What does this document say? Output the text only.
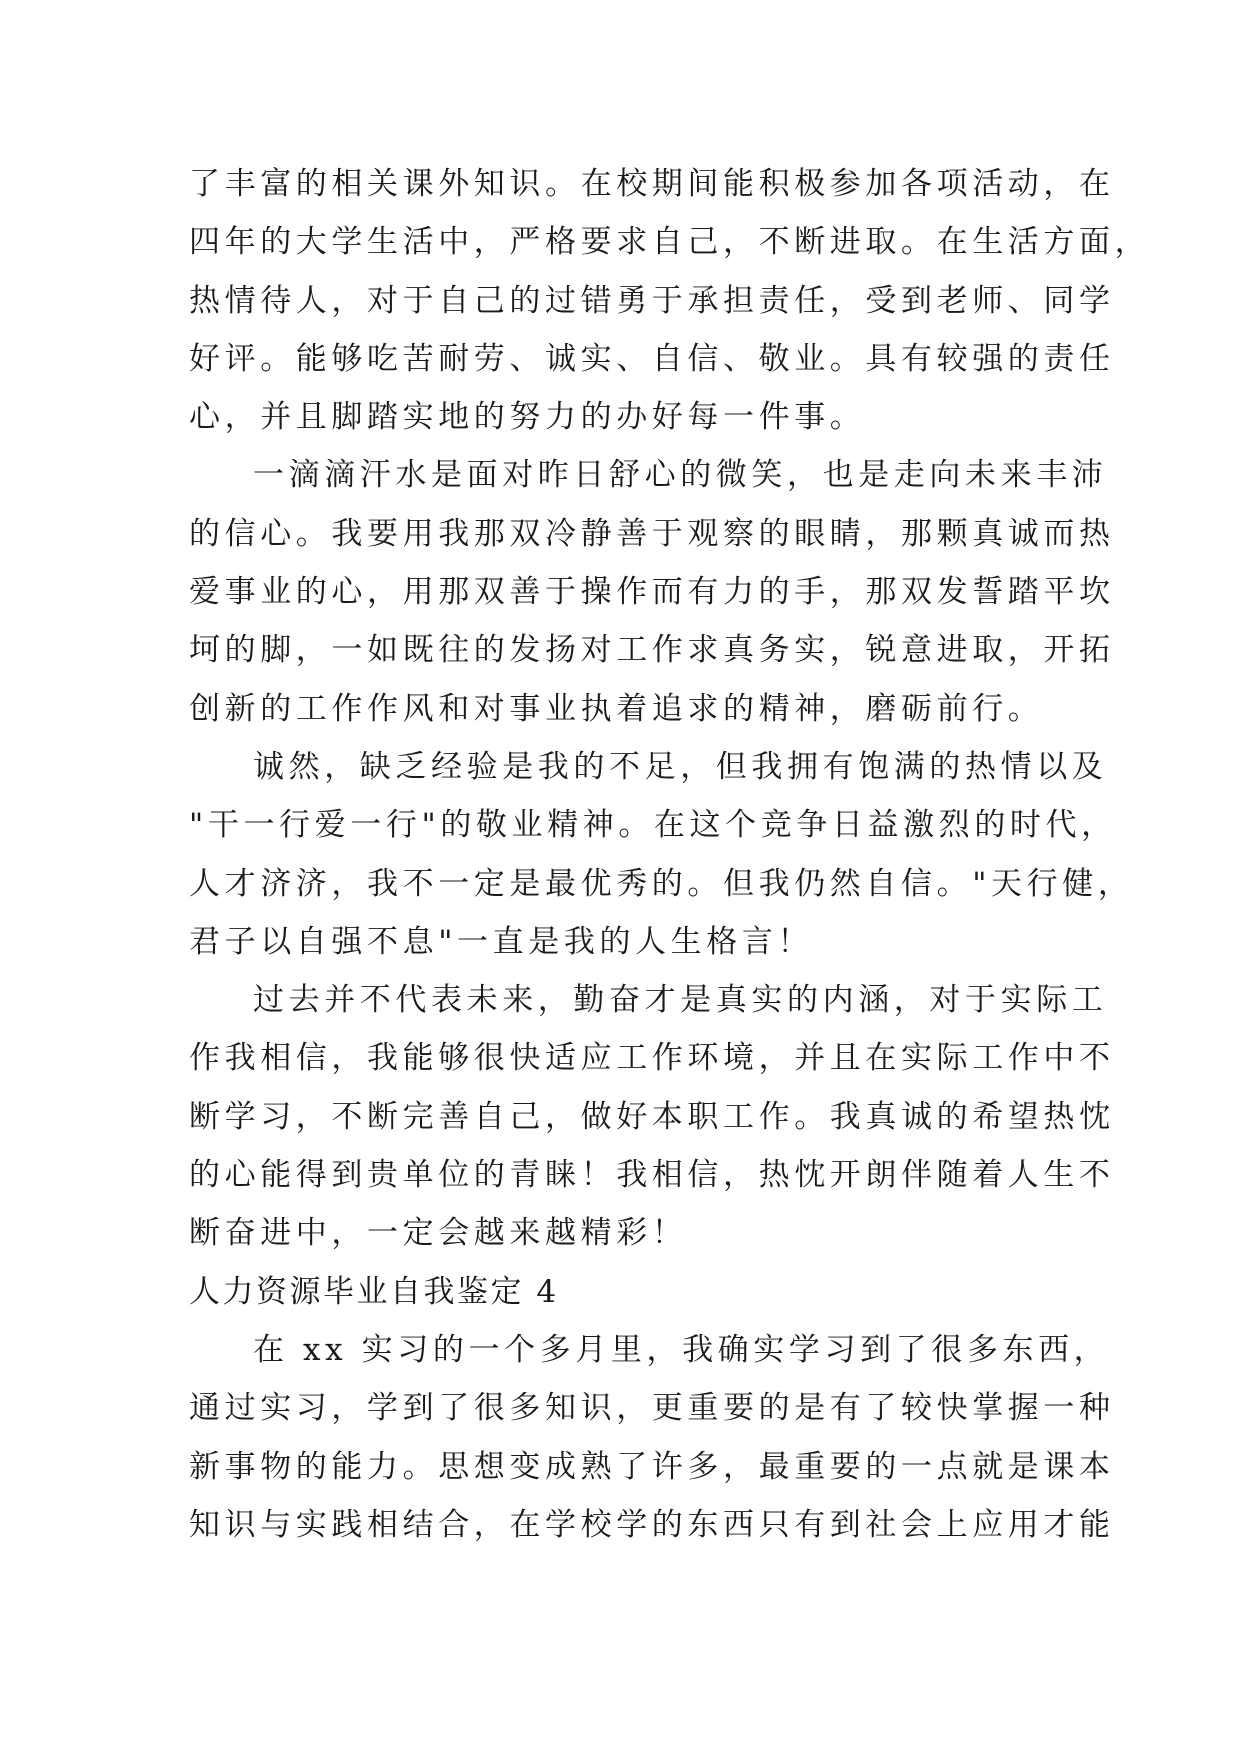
了丰富的相关课外知识。在校期间能积极参加各项活动，在
四年的大学生活中，严格要求自己，不断进取。在生活方面，
热情待人，对于自己的过错勇于承担责任，受到老师、同学
好评。能够吃苦耐劳、诚实、自信、敬业。具有较强的责任
心，并且脚踏实地的努力的办好每一件事。
一滴滴汗水是面对昨日舒心的微笑，也是走向未来丰沛
的信心。我要用我那双冷静善于观察的眼睛，那颗真诚而热
爱事业的心，用那双善于操作而有力的手，那双发誓踏平坎
坷的脚，一如既往的发扬对工作求真务实，锐意进取，开拓
创新的工作作风和对事业执着追求的精神，磨砺前行。
诚然，缺乏经验是我的不足，但我拥有饱满的热情以及
"干一行爱一行"的敬业精神。在这个竞争日益激烈的时代，
人才济济，我不一定是最优秀的。但我仍然自信。"天行健，
君子以自强不息"一直是我的人生格言！
过去并不代表未来，勤奋才是真实的内涵，对于实际工
作我相信，我能够很快适应工作环境，并且在实际工作中不
断学习，不断完善自己，做好本职工作。我真诚的希望热忱
的心能得到贵单位的青睐！我相信，热忱开朗伴随着人生不
断奋进中，一定会越来越精彩！
人力资源毕业自我鉴定 4
在 xx 实习的一个多月里，我确实学习到了很多东西，
通过实习，学到了很多知识，更重要的是有了较快掌握一种
新事物的能力。思想变成熟了许多，最重要的一点就是课本
知识与实践相结合，在学校学的东西只有到社会上应用才能
